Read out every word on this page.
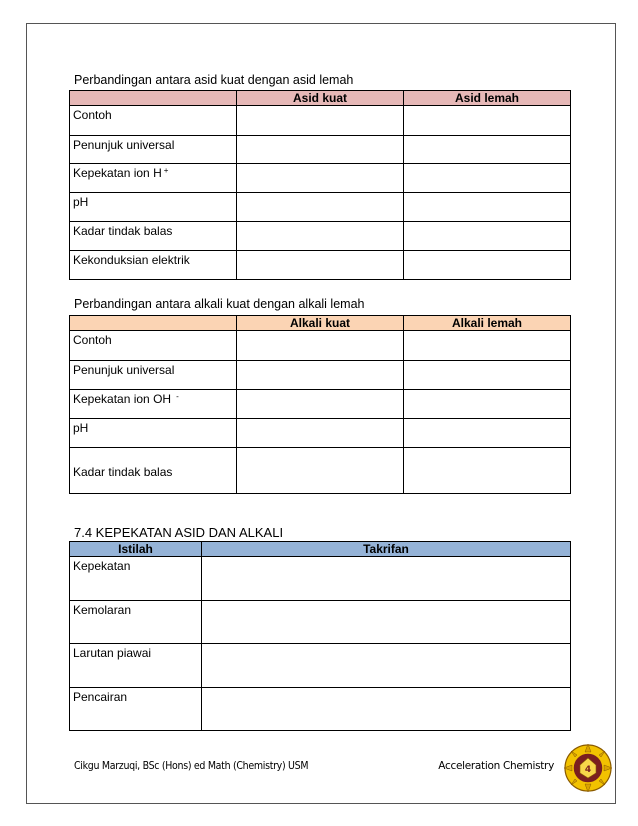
Perbandingan antara asid kuat dengan asid lemah
	Asid kuat	Asid lemah
Contoh		
Penunjuk universal		
Kepekatan ion H +		
pH		
Kadar tindak balas		
Kekonduksian elektrik		
Perbandingan antara alkali kuat dengan alkali lemah
	Alkali kuat	Alkali lemah
Contoh		
Penunjuk universal		
Kepekatan ion OH -		
pH		
Kadar tindak balas		
7.4 KEPEKATAN ASID DAN ALKALI
Istilah	Takrifan
Kepekatan	
Kemolaran	
Larutan piawai	
Pencairan	
Cikgu Marzuqi, BSc (Hons) ed Math (Chemistry) USM	Acceleration Chemistry	4
